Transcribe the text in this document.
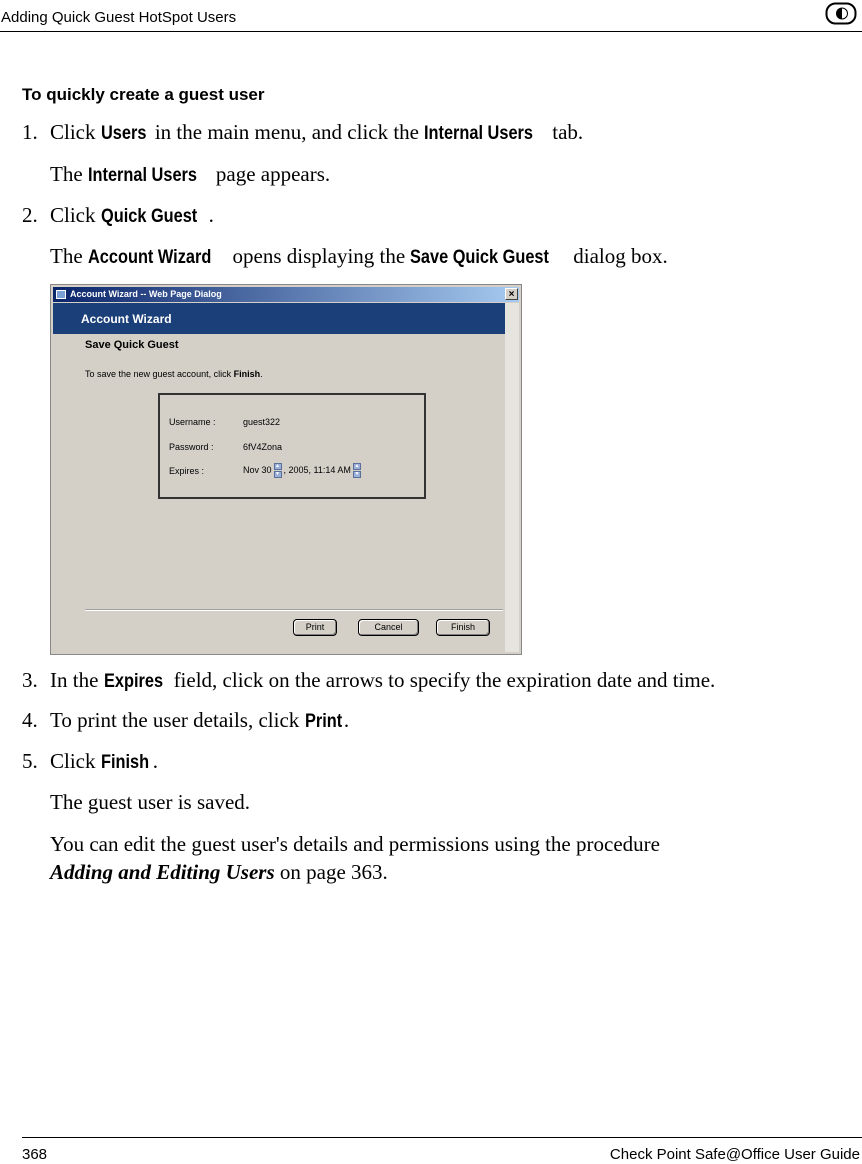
Adding Quick Guest HotSpot Users
To quickly create a guest user
1. Click Users in the main menu, and click the Internal Users tab.
The Internal Users page appears.
2. Click Quick Guest .
The Account Wizard opens displaying the Save Quick Guest dialog box.
Account Wizard -- Web Page Dialog	×
Account Wizard
Save Quick Guest
To save the new guest account, click Finish.
Username :	guest322
Password :	6fV4Zona
Expires :	Nov 30 ▲
▼ , 2005, 11:14 AM ▲
▼
Print	Cancel	Finish
3. In the Expires field, click on the arrows to specify the expiration date and time.
4. To print the user details, click Print.
5. Click Finish .
The guest user is saved.
You can edit the guest user's details and permissions using the procedure
Adding and Editing Users on page 363.
368	Check Point Safe@Office User Guide
